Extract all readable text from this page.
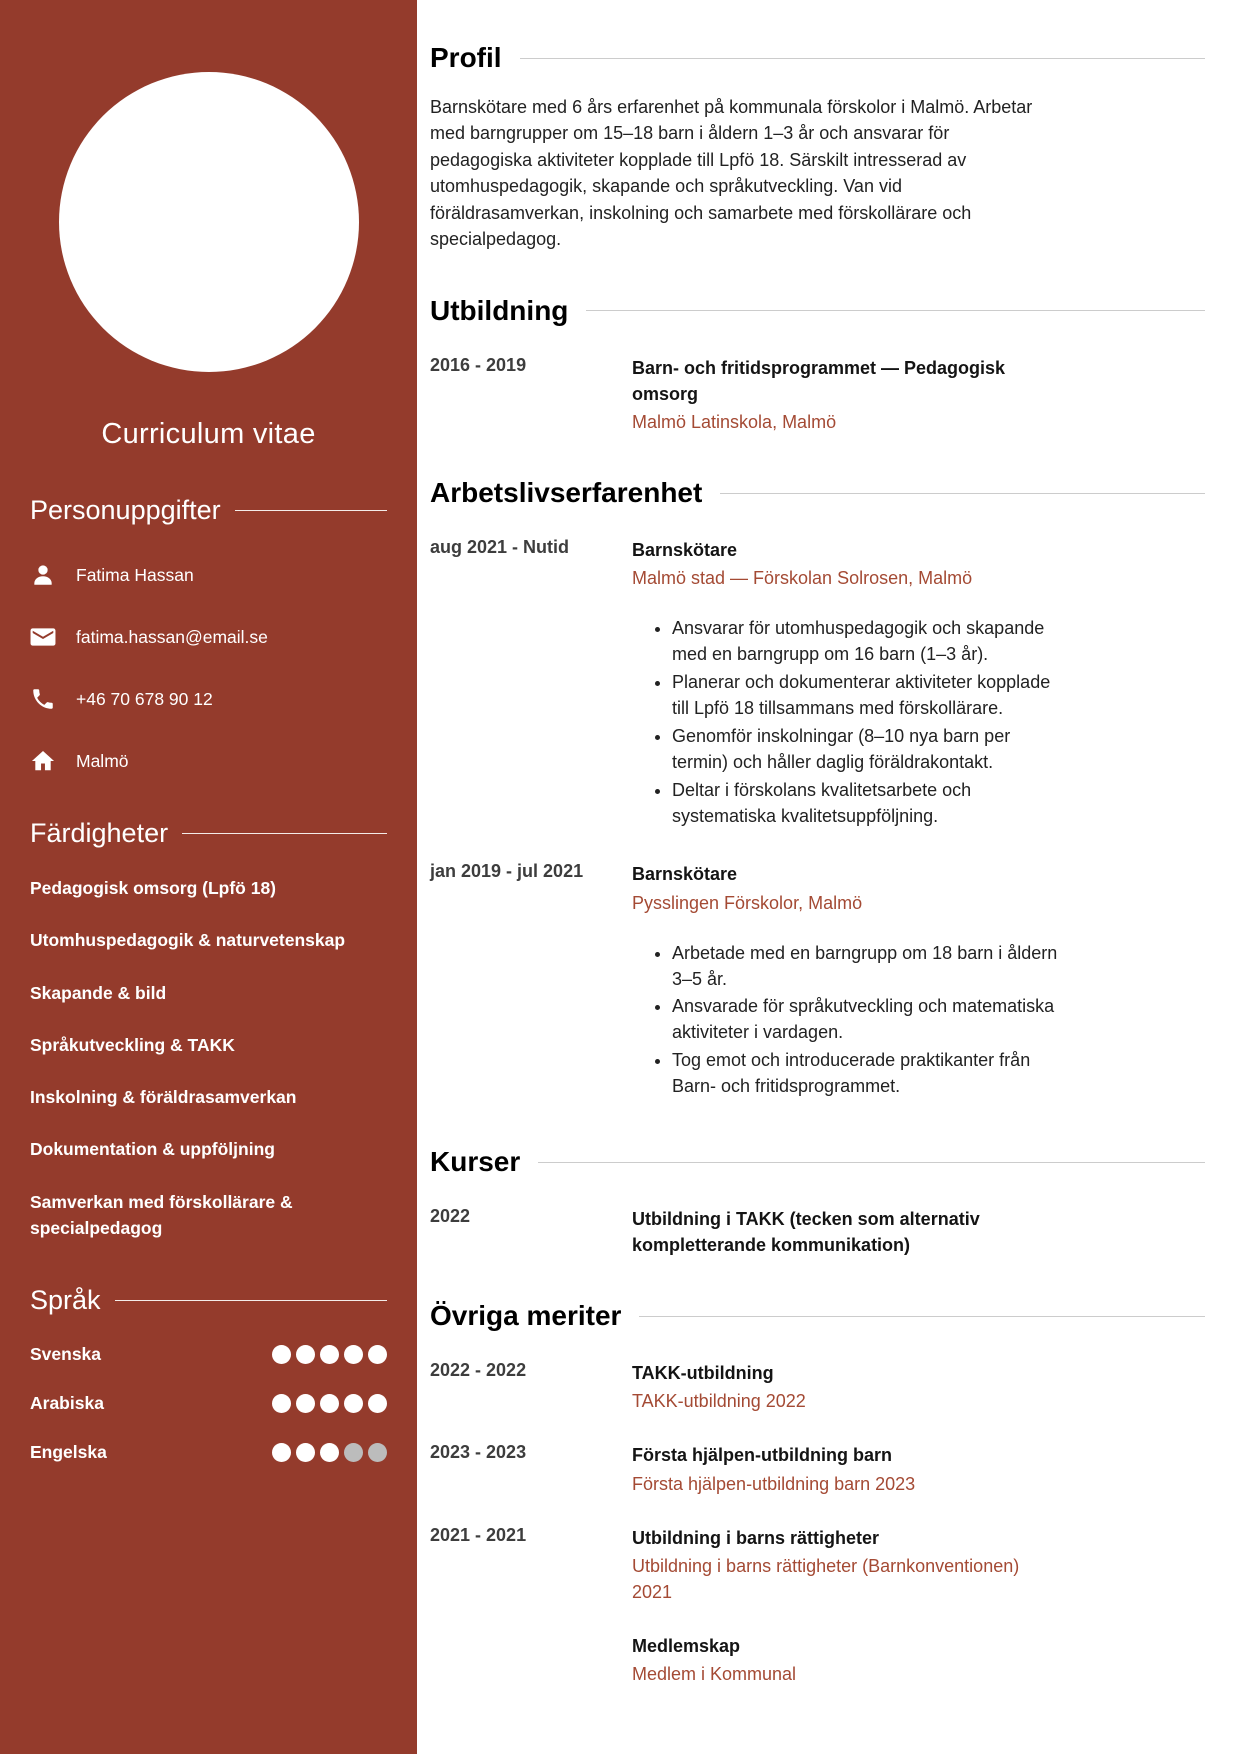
Curriculum vitae
Personuppgifter
Fatima Hassan
fatima.hassan@email.se
+46 70 678 90 12
Malmö
Färdigheter
Pedagogisk omsorg (Lpfö 18)
Utomhuspedagogik & naturvetenskap
Skapande & bild
Språkutveckling & TAKK
Inskolning & föräldrasamverkan
Dokumentation & uppföljning
Samverkan med förskollärare & specialpedagog
Språk
Svenska
Arabiska
Engelska
Profil

Barnskötare med 6 års erfarenhet på kommunala förskolor i Malmö. Arbetar med barngrupper om 15–18 barn i åldern 1–3 år och ansvarar för pedagogiska aktiviteter kopplade till Lpfö 18. Särskilt intresserad av utomhuspedagogik, skapande och språkutveckling. Van vid föräldrasamverkan, inskolning och samarbete med förskollärare och specialpedagog.

Utbildning
2016 - 2019	Barn- och fritidsprogrammet — Pedagogisk omsorg
Malmö Latinskola, Malmö
Arbetslivserfarenhet
aug 2021 - Nutid	Barnskötare
Malmö stad — Förskolan Solrosen, Malmö
• Ansvarar för utomhuspedagogik och skapande med en barngrupp om 16 barn (1–3 år).
• Planerar och dokumenterar aktiviteter kopplade till Lpfö 18 tillsammans med förskollärare.
• Genomför inskolningar (8–10 nya barn per termin) och håller daglig föräldrakontakt.
• Deltar i förskolans kvalitetsarbete och systematiska kvalitetsuppföljning.
jan 2019 - jul 2021	Barnskötare
Pysslingen Förskolor, Malmö
• Arbetade med en barngrupp om 18 barn i åldern 3–5 år.
• Ansvarade för språkutveckling och matematiska aktiviteter i vardagen.
• Tog emot och introducerade praktikanter från Barn- och fritidsprogrammet.
Kurser
2022	Utbildning i TAKK (tecken som alternativ kompletterande kommunikation)
Övriga meriter
2022 - 2022	TAKK-utbildning
TAKK-utbildning 2022
2023 - 2023	Första hjälpen-utbildning barn
Första hjälpen-utbildning barn 2023
2021 - 2021	Utbildning i barns rättigheter
Utbildning i barns rättigheter (Barnkonventionen) 2021
Medlemskap
Medlem i Kommunal
